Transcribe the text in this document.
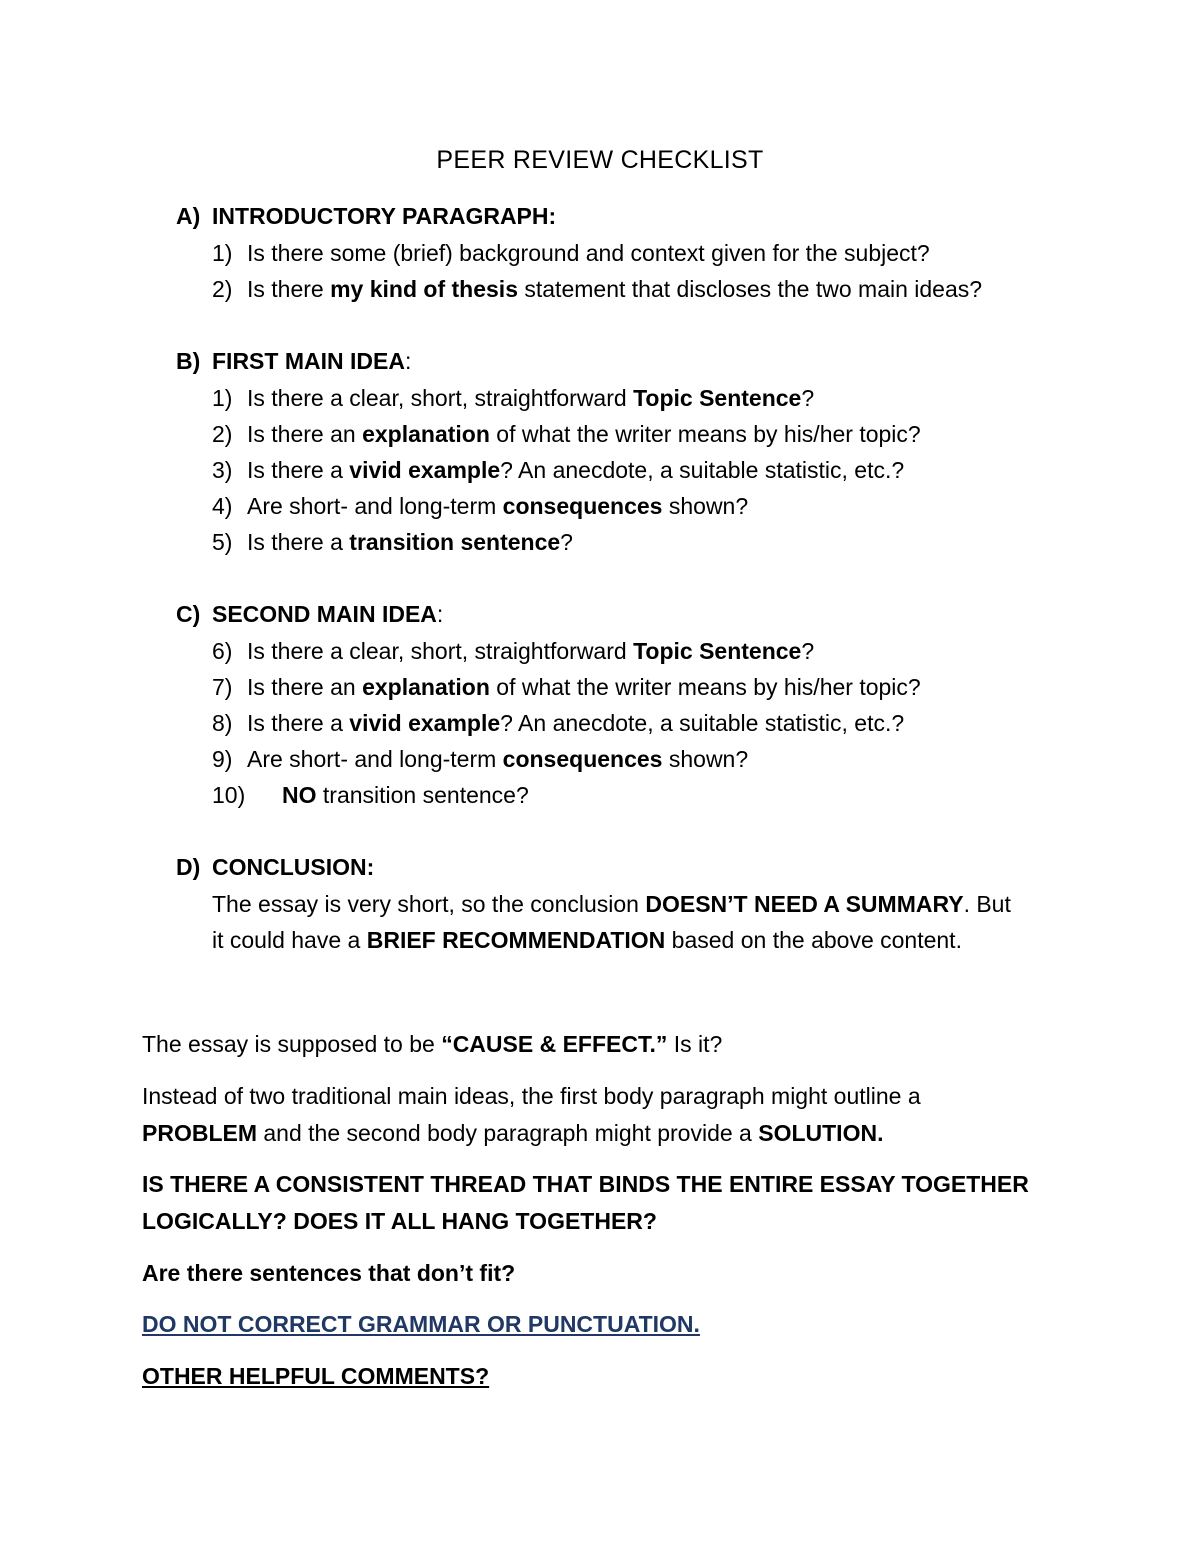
PEER REVIEW CHECKLIST
A) INTRODUCTORY PARAGRAPH:
1) Is there some (brief) background and context given for the subject?
2) Is there my kind of thesis statement that discloses the two main ideas?
B) FIRST MAIN IDEA:
1) Is there a clear, short, straightforward Topic Sentence?
2) Is there an explanation of what the writer means by his/her topic?
3) Is there a vivid example? An anecdote, a suitable statistic, etc.?
4) Are short- and long-term consequences shown?
5) Is there a transition sentence?
C) SECOND MAIN IDEA:
6) Is there a clear, short, straightforward Topic Sentence?
7) Is there an explanation of what the writer means by his/her topic?
8) Is there a vivid example? An anecdote, a suitable statistic, etc.?
9) Are short- and long-term consequences shown?
10) NO transition sentence?
D) CONCLUSION:
The essay is very short, so the conclusion DOESN’T NEED A SUMMARY. But
it could have a BRIEF RECOMMENDATION based on the above content.
The essay is supposed to be “CAUSE & EFFECT.” Is it?
Instead of two traditional main ideas, the first body paragraph might outline a
PROBLEM and the second body paragraph might provide a SOLUTION.
IS THERE A CONSISTENT THREAD THAT BINDS THE ENTIRE ESSAY TOGETHER
LOGICALLY? DOES IT ALL HANG TOGETHER?
Are there sentences that don’t fit?
DO NOT CORRECT GRAMMAR OR PUNCTUATION.
OTHER HELPFUL COMMENTS?
